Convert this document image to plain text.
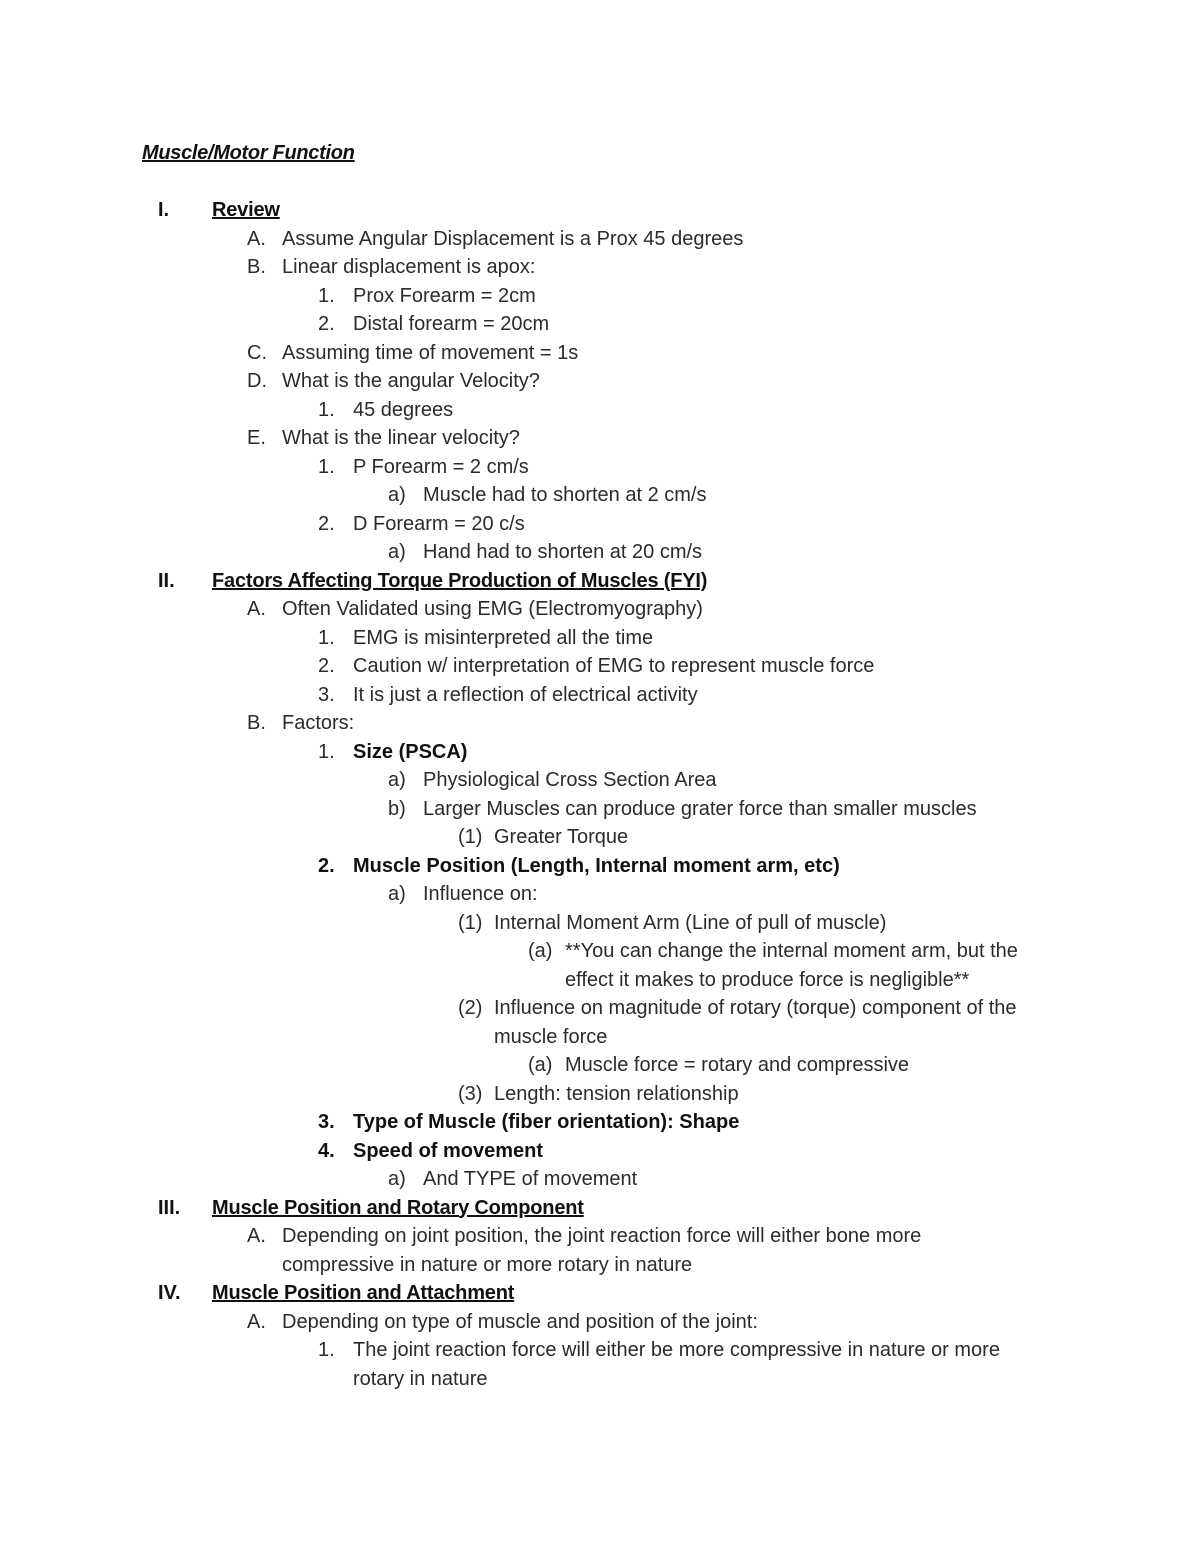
Muscle/Motor Function
I. Review
A. Assume Angular Displacement is a Prox 45 degrees
B. Linear displacement is apox:
1. Prox Forearm = 2cm
2. Distal forearm = 20cm
C. Assuming time of movement = 1s
D. What is the angular Velocity?
1. 45 degrees
E. What is the linear velocity?
1. P Forearm = 2 cm/s
a) Muscle had to shorten at 2 cm/s
2. D Forearm = 20 c/s
a) Hand had to shorten at 20 cm/s
II. Factors Affecting Torque Production of Muscles (FYI)
A. Often Validated using EMG (Electromyography)
1. EMG is misinterpreted all the time
2. Caution w/ interpretation of EMG to represent muscle force
3. It is just a reflection of electrical activity
B. Factors:
1. Size (PSCA)
a) Physiological Cross Section Area
b) Larger Muscles can produce grater force than smaller muscles
(1) Greater Torque
2. Muscle Position (Length, Internal moment arm, etc)
a) Influence on:
(1) Internal Moment Arm (Line of pull of muscle)
(a) **You can change the internal moment arm, but the
effect it makes to produce force is negligible**
(2) Influence on magnitude of rotary (torque) component of the
muscle force
(a) Muscle force = rotary and compressive
(3) Length: tension relationship
3. Type of Muscle (fiber orientation): Shape
4. Speed of movement
a) And TYPE of movement
III. Muscle Position and Rotary Component
A. Depending on joint position, the joint reaction force will either bone more
compressive in nature or more rotary in nature
IV. Muscle Position and Attachment
A. Depending on type of muscle and position of the joint:
1. The joint reaction force will either be more compressive in nature or more
rotary in nature
